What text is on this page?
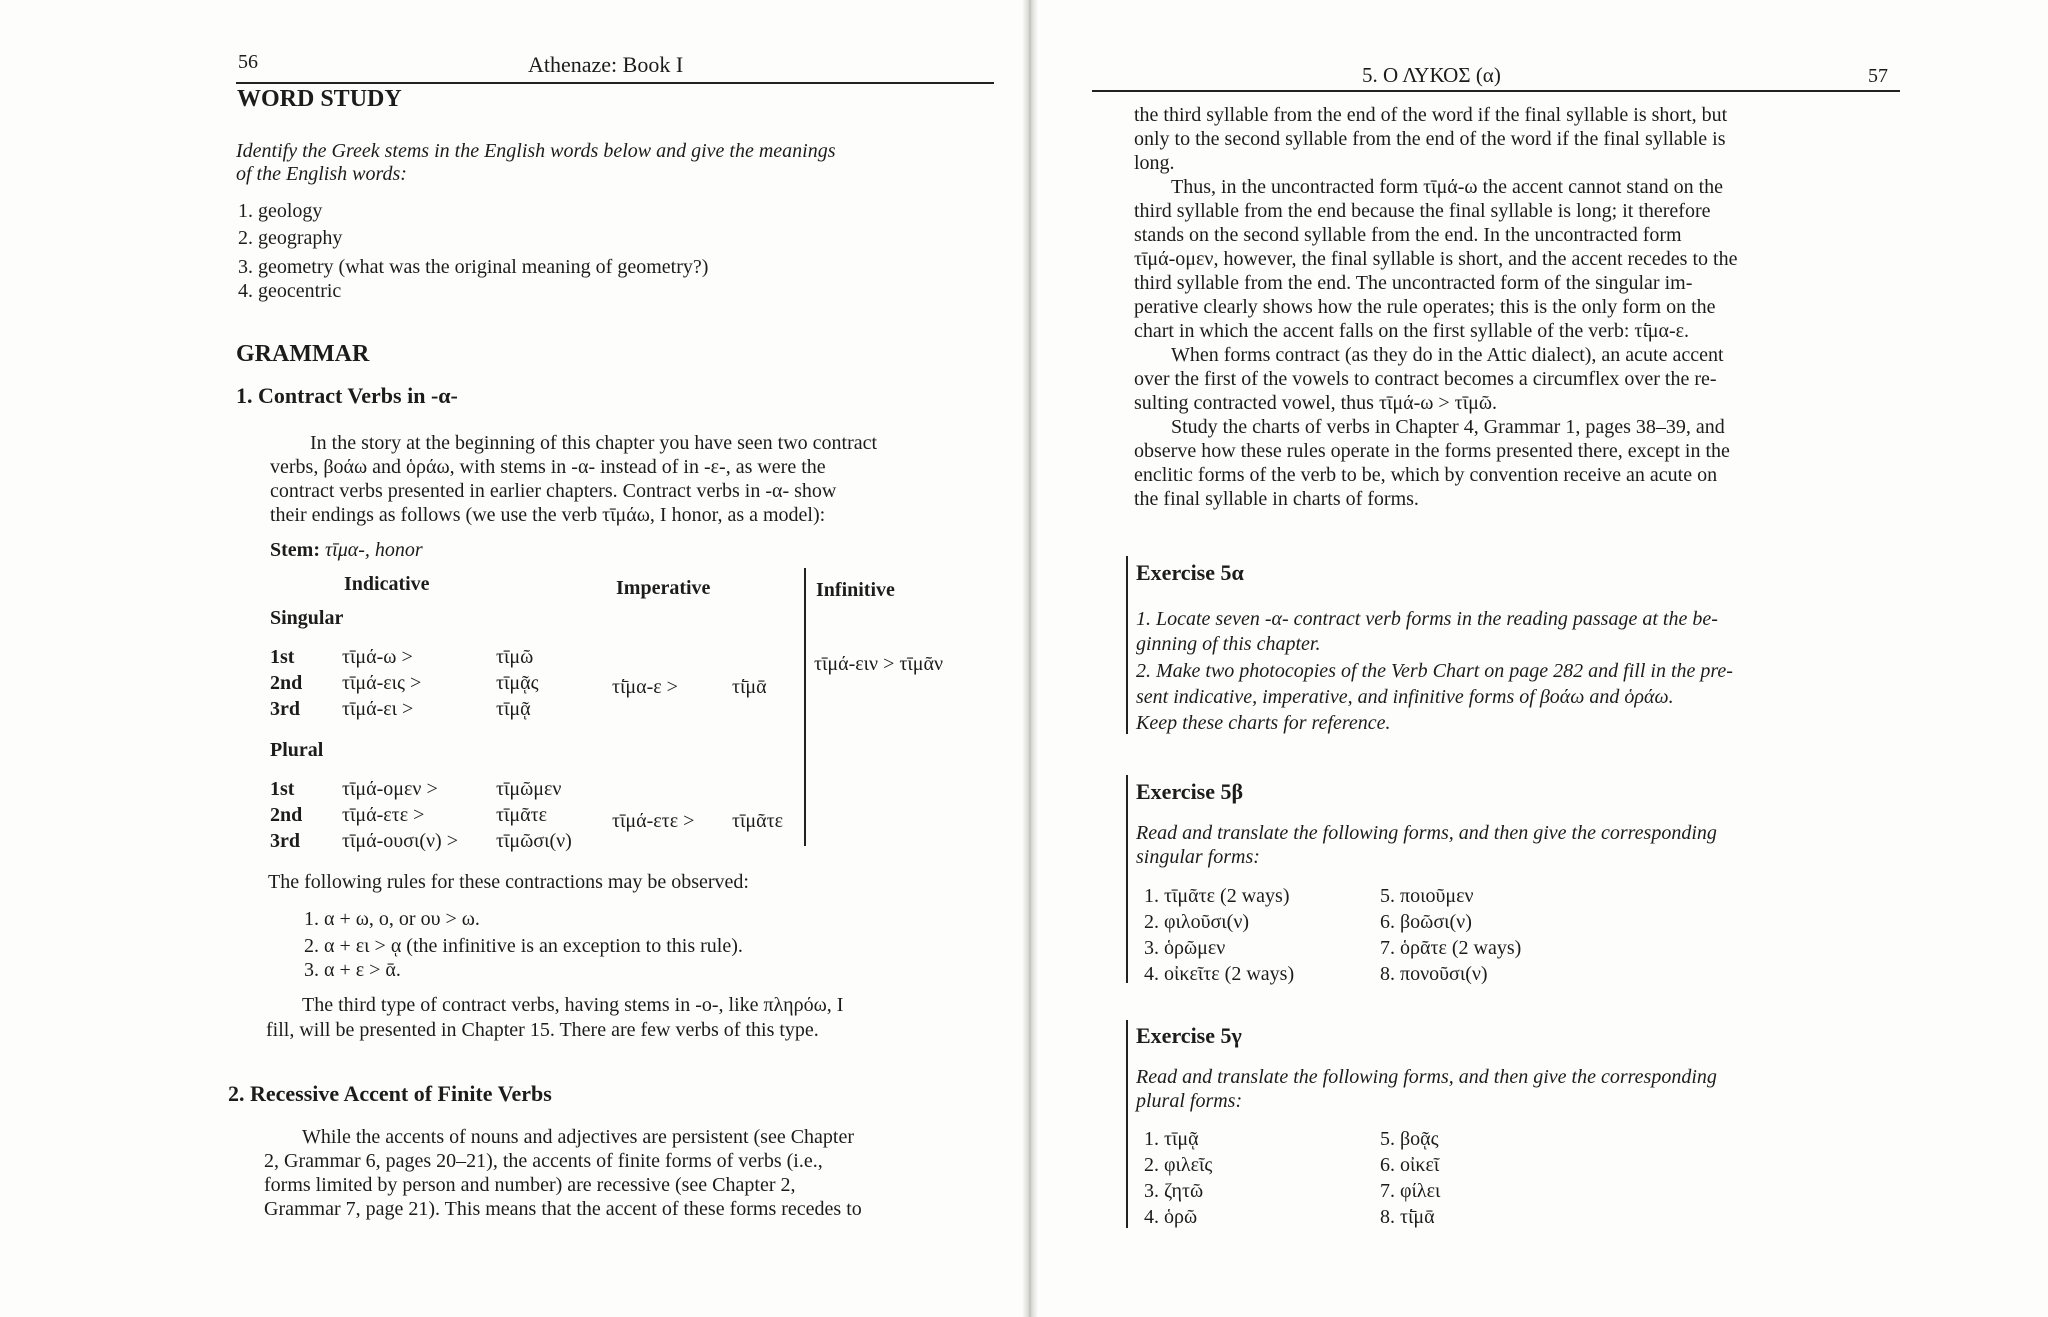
56	Athenaze: Book I
WORD STUDY
Identify the Greek stems in the English words below and give the meanings
of the English words:
1. geology
2. geography
3. geometry (what was the original meaning of geometry?)
4. geocentric
GRAMMAR
1. Contract Verbs in -α-
In the story at the beginning of this chapter you have seen two contract
verbs, βοάω and ὁράω, with stems in -α- instead of in -ε-, as were the
contract verbs presented in earlier chapters. Contract verbs in -α- show
their endings as follows (we use the verb τῑμάω, I honor, as a model):
Stem: τῑμα-, honor
Indicative	Imperative	Infinitive
Singular
1st τῑμά-ω >	τῑμῶ
2nd τῑμά-εις >	τῑμᾷς
3rd τῑμά-ει >	τῑμᾷ
τί̄μα-ε >	τί̄μᾱ
τῑμά-ειν > τῑμᾶν
Plural
1st τῑμά-ομεν >	τῑμῶμεν
2nd τῑμά-ετε >	τῑμᾶτε
3rd τῑμά-ουσι(ν) > τῑμῶσι(ν)
τῑμά-ετε > τῑμᾶτε
The following rules for these contractions may be observed:
1. α + ω, ο, or ου > ω.
2. α + ει > ᾳ (the infinitive is an exception to this rule).
3. α + ε > ᾱ.
The third type of contract verbs, having stems in -ο-, like πληρόω, I
fill, will be presented in Chapter 15. There are few verbs of this type.
2. Recessive Accent of Finite Verbs
While the accents of nouns and adjectives are persistent (see Chapter
2, Grammar 6, pages 20–21), the accents of finite forms of verbs (i.e.,
forms limited by person and number) are recessive (see Chapter 2,
Grammar 7, page 21). This means that the accent of these forms recedes to
5. Ο ΛΥΚΟΣ (α)	57
the third syllable from the end of the word if the final syllable is short, but
only to the second syllable from the end of the word if the final syllable is
long.
Thus, in the uncontracted form τῑμά-ω the accent cannot stand on the
third syllable from the end because the final syllable is long; it therefore
stands on the second syllable from the end. In the uncontracted form
τῑμά-ομεν, however, the final syllable is short, and the accent recedes to the
third syllable from the end. The uncontracted form of the singular im-
perative clearly shows how the rule operates; this is the only form on the
chart in which the accent falls on the first syllable of the verb: τί̄μα-ε.
When forms contract (as they do in the Attic dialect), an acute accent
over the first of the vowels to contract becomes a circumflex over the re-
sulting contracted vowel, thus τῑμά-ω > τῑμῶ.
Study the charts of verbs in Chapter 4, Grammar 1, pages 38–39, and
observe how these rules operate in the forms presented there, except in the
enclitic forms of the verb to be, which by convention receive an acute on
the final syllable in charts of forms.
Exercise 5α
1. Locate seven -α- contract verb forms in the reading passage at the be-
ginning of this chapter.
2. Make two photocopies of the Verb Chart on page 282 and fill in the pre-
sent indicative, imperative, and infinitive forms of βοάω and ὁράω.
Keep these charts for reference.
Exercise 5β
Read and translate the following forms, and then give the corresponding
singular forms:
1. τῑμᾶτε (2 ways)
2. φιλοῦσι(ν)
3. ὁρῶμεν
4. οἰκεῖτε (2 ways)
5. ποιοῦμεν
6. βοῶσι(ν)
7. ὁρᾶτε (2 ways)
8. πονοῦσι(ν)
Exercise 5γ
Read and translate the following forms, and then give the corresponding
plural forms:
1. τῑμᾷ
2. φιλεῖς
3. ζητῶ
4. ὁρῶ
5. βοᾷς
6. οἰκεῖ
7. φίλει
8. τί̄μᾱ
